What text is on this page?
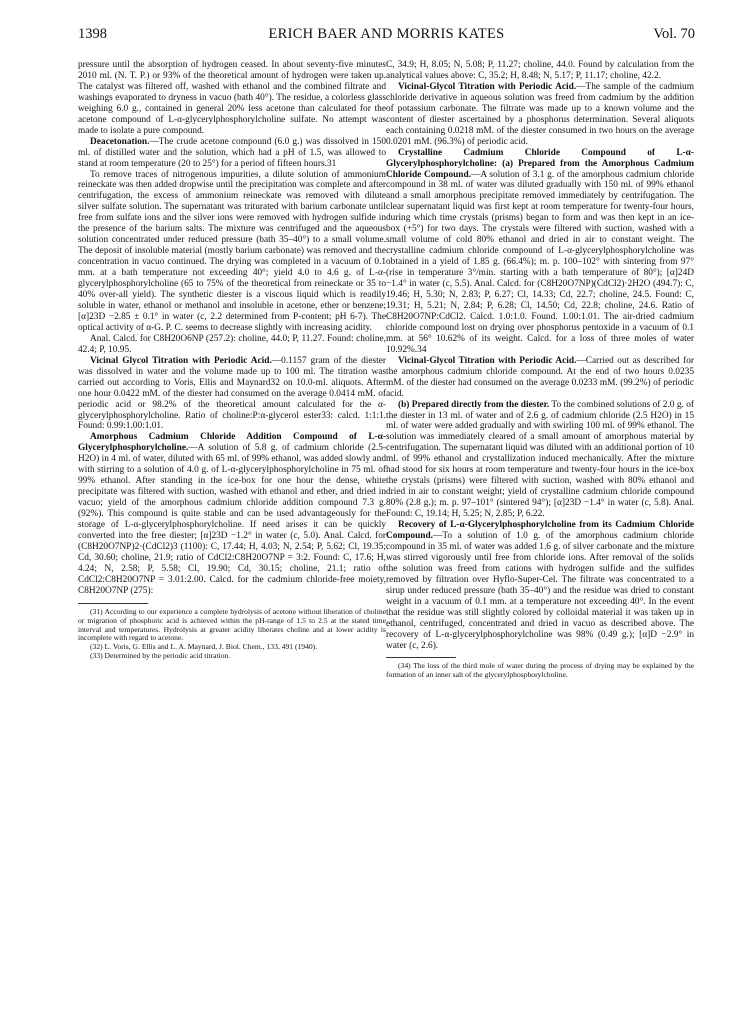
1398	ERICH BAER AND MORRIS KATES	Vol. 70

pressure until the absorption of hydrogen ceased. In about seventy-five minutes 2010 ml. (N. T. P.) or 93% of the theoretical amount of hydrogen were taken up. The catalyst was filtered off, washed with ethanol and the combined filtrate and washings evaporated to dryness in vacuo (bath 40°). The residue, a colorless glass weighing 6.0 g., contained in general 20% less acetone than calculated for the acetone compound of L-α-glycerylphosphorylcholine sulfate. No attempt was made to isolate a pure compound.

Deacetonation.—The crude acetone compound (6.0 g.) was dissolved in 150 ml. of distilled water and the solution, which had a pH of 1.5, was allowed to stand at room temperature (20 to 25°) for a period of fifteen hours.31

To remove traces of nitrogenous impurities, a dilute solution of ammonium reineckate was then added dropwise until the precipitation was complete and after centrifugation, the excess of ammonium reineckate was removed with dilute silver sulfate solution. The supernatant was triturated with barium carbonate until free from sulfate ions and the silver ions were removed with hydrogen sulfide in the presence of the barium salts. The mixture was centrifuged and the aqueous solution concentrated under reduced pressure (bath 35–40°) to a small volume. The deposit of insoluble material (mostly barium carbonate) was removed and the concentration in vacuo continued. The drying was completed in a vacuum of 0.1 mm. at a bath temperature not exceeding 40°; yield 4.0 to 4.6 g. of L-α-glycerylphosphorylcholine (65 to 75% of the theoretical from reineckate or 35 to 40% over-all yield). The synthetic diester is a viscous liquid which is readily soluble in water, ethanol or methanol and insoluble in acetone, ether or benzene; [α]23D −2.85 ± 0.1° in water (c, 2.2 determined from P-content; pH 6-7). The optical activity of α-G. P. C. seems to decrease slightly with increasing acidity.

Anal. Calcd. for C8H20O6NP (257.2): choline, 44.0; P, 11.27. Found: choline, 42.4; P, 10.95.

Vicinal Glycol Titration with Periodic Acid.—0.1157 gram of the diester was dissolved in water and the volume made up to 100 ml. The titration was carried out according to Voris, Ellis and Maynard32 on 10.0-ml. aliquots. After one hour 0.0422 mM. of the diester had consumed on the average 0.0414 mM. of periodic acid or 98.2% of the theoretical amount calculated for the α-glycerylphosphorylcholine. Ratio of choline:P:α-glycerol ester33: calcd. 1:1:1. Found: 0.99:1.00:1.01.

Amorphous Cadmium Chloride Addition Compound of L-α-Glycerylphosphorylcholine.—A solution of 5.8 g. of cadmium chloride (2.5-H2O) in 4 ml. of water, diluted with 65 ml. of 99% ethanol, was added slowly and with stirring to a solution of 4.0 g. of L-α-glycerylphosphorylcholine in 75 ml. of 99% ethanol. After standing in the ice-box for one hour the dense, white precipitate was filtered with suction, washed with ethanol and ether, and dried in vacuo; yield of the amorphous cadmium chloride addition compound 7.3 g. (92%). This compound is quite stable and can be used advantageously for the storage of L-α-glycerylphosphorylcholine. If need arises it can be quickly converted into the free diester; [α]23D −1.2° in water (c, 5.0). Anal. Calcd. for (C8H20O7NP)2·(CdCl2)3 (1100): C, 17.44; H, 4.03; N, 2.54; P, 5.62; Cl, 19.35; Cd, 30.60; choline, 21.9; ratio of CdCl2:C8H20O7NP = 3:2. Found: C, 17.6; H, 4.24; N, 2.58; P, 5.58; Cl, 19.90; Cd, 30.15; choline, 21.1; ratio of CdCl2:C8H20O7NP = 3.01:2.00. Calcd. for the cadmium chloride-free moiety, C8H20O7NP (275):

(31) According to our experience a complete hydrolysis of acetone without liberation of choline or migration of phosphoric acid is achieved within the pH-range of 1.5 to 2.5 at the stated time interval and temperatures. Hydrolysis at greater acidity liberates choline and at lower acidity is incomplete with regard to acetone.

(32) L. Voris, G. Ellis and L. A. Maynard, J. Biol. Chem., 133, 491 (1940).

(33) Determined by the periodic acid titration.

C, 34.9; H, 8.05; N, 5.08; P, 11.27; choline, 44.0. Found by calculation from the analytical values above: C, 35.2; H, 8.48; N, 5.17; P, 11.17; choline, 42.2.

Vicinal-Glycol Titration with Periodic Acid.—The sample of the cadmium chloride derivative in aqueous solution was freed from cadmium by the addition of potassium carbonate. The filtrate was made up to a known volume and the content of diester ascertained by a phosphorus determination. Several aliquots each containing 0.0218 mM. of the diester consumed in two hours on the average 0.0201 mM. (96.3%) of periodic acid.

Crystalline Cadmium Chloride Compound of L-α-Glycerylphosphorylcholine: (a) Prepared from the Amorphous Cadmium Chloride Compound.—A solution of 3.1 g. of the amorphous cadmium chloride compound in 38 ml. of water was diluted gradually with 150 ml. of 99% ethanol and a small amorphous precipitate removed immediately by centrifugation. The clear supernatant liquid was first kept at room temperature for twenty-four hours, during which time crystals (prisms) began to form and was then kept in an ice-box (+5°) for two days. The crystals were filtered with suction, washed with a small volume of cold 80% ethanol and dried in air to constant weight. The crystalline cadmium chloride compound of L-α-glycerylphosphorylcholine was obtained in a yield of 1.85 g. (66.4%); m. p. 100–102° with sintering from 97° (rise in temperature 3°/min. starting with a bath temperature of 80°); [α]24D −1.4° in water (c, 5.5). Anal. Calcd. for (C8H20O7NP)(CdCl2)·2H2O (494.7): C, 19.46; H, 5.30; N, 2.83; P, 6.27; Cl, 14.33; Cd, 22.7; choline, 24.5. Found: C, 19.31; H, 5.21; N, 2.84; P, 6.28; Cl, 14.50; Cd, 22.8; choline, 24.6. Ratio of C8H20O7NP:CdCl2. Calcd. 1.0:1.0. Found. 1.00:1.01. The air-dried cadmium chloride compound lost on drying over phosphorus pentoxide in a vacuum of 0.1 mm. at 56° 10.62% of its weight. Calcd. for a loss of three moles of water 10.92%.34

Vicinal-Glycol Titration with Periodic Acid.—Carried out as described for the amorphous cadmium chloride compound. At the end of two hours 0.0235 mM. of the diester had consumed on the average 0.0233 mM. (99.2%) of periodic acid.

(b) Prepared directly from the diester. To the combined solutions of 2.0 g. of the diester in 13 ml. of water and of 2.6 g. of cadmium chloride (2.5 H2O) in 15 ml. of water were added gradually and with swirling 100 ml. of 99% ethanol. The solution was immediately cleared of a small amount of amorphous material by centrifugation. The supernatant liquid was diluted with an additional portion of 10 ml. of 99% ethanol and crystallization induced mechanically. After the mixture had stood for six hours at room temperature and twenty-four hours in the ice-box the crystals (prisms) were filtered with suction, washed with 80% ethanol and dried in air to constant weight; yield of crystalline cadmium chloride compound 80% (2.8 g.); m. p. 97–101° (sintered 94°); [α]23D −1.4° in water (c, 5.8). Anal. Found: C, 19.14; H, 5.25; N, 2.85; P, 6.22.

Recovery of L-α-Glycerylphosphorylcholine from its Cadmium Chloride Compound.—To a solution of 1.0 g. of the amorphous cadmium chloride compound in 35 ml. of water was added 1.6 g. of silver carbonate and the mixture was stirred vigorously until free from chloride ions. After removal of the solids the solution was freed from cations with hydrogen sulfide and the sulfides removed by filtration over Hyflo-Super-Cel. The filtrate was concentrated to a sirup under reduced pressure (bath 35–40°) and the residue was dried to constant weight in a vacuum of 0.1 mm. at a temperature not exceeding 40°. In the event that the residue was still slightly colored by colloidal material it was taken up in ethanol, centrifuged, concentrated and dried in vacuo as described above. The recovery of L-α-glycerylphosphorylcholine was 98% (0.49 g.); [α]D −2.9° in water (c, 2.6).

(34) The loss of the third mole of water during the process of drying may be explained by the formation of an inner salt of the glycerylphosphorylcholine.
